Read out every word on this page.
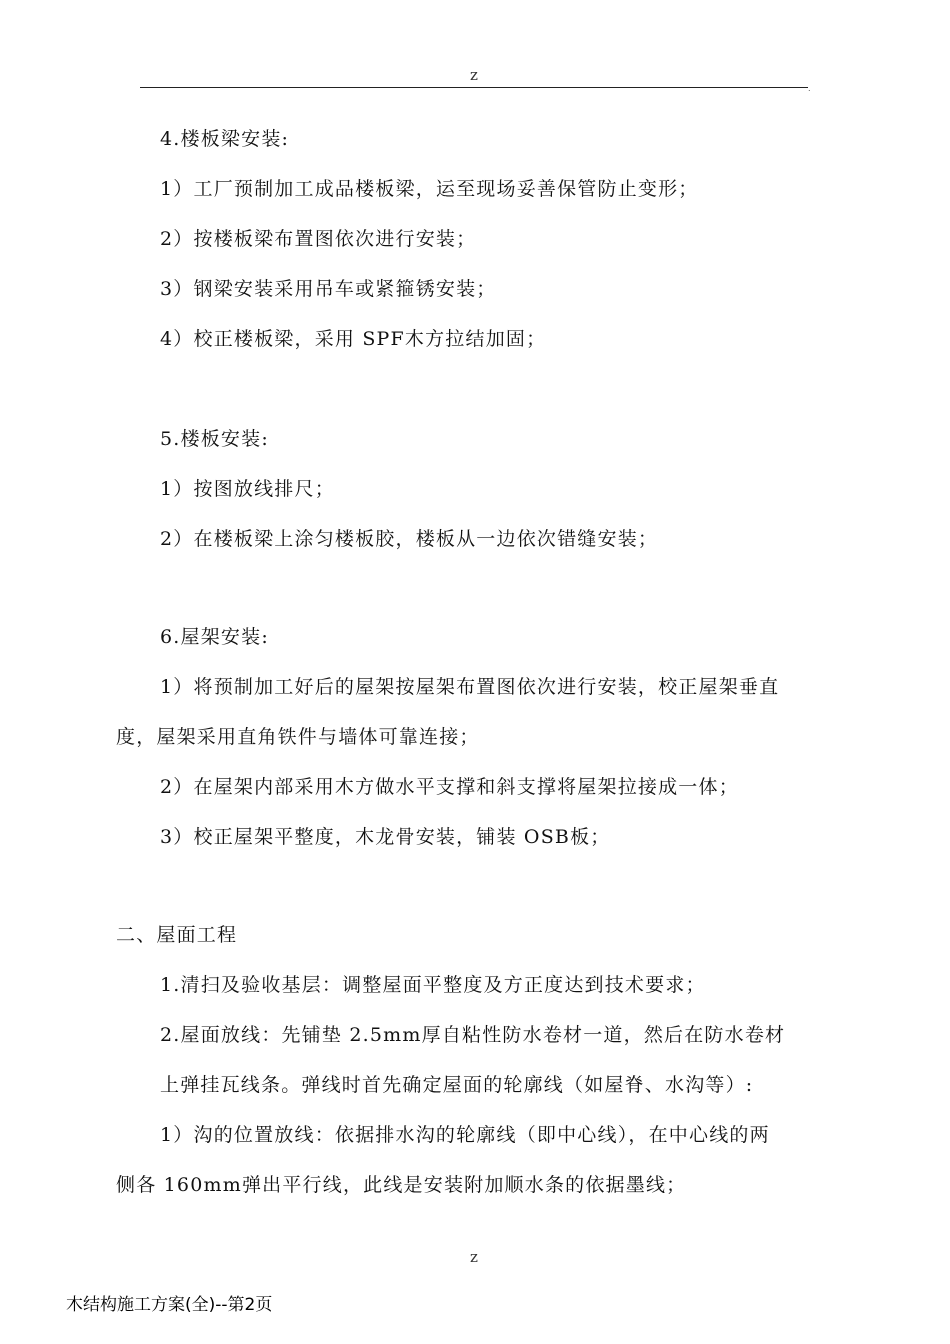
z
.
4.楼板梁安装:
1）工厂预制加工成品楼板梁，运至现场妥善保管防止变形；
2）按楼板梁布置图依次进行安装；
3）钢梁安装采用吊车或紧箍锈安装；
4）校正楼板梁，采用 SPF木方拉结加固；
5.楼板安装:
1）按图放线排尺；
2）在楼板梁上涂匀楼板胶，楼板从一边依次错缝安装；
6.屋架安装:
1）将预制加工好后的屋架按屋架布置图依次进行安装，校正屋架垂直
度，屋架采用直角铁件与墙体可靠连接；
2）在屋架内部采用木方做水平支撑和斜支撑将屋架拉接成一体；
3）校正屋架平整度，木龙骨安装，铺装 OSB板；
二、屋面工程
1.清扫及验收基层：调整屋面平整度及方正度达到技术要求；
2.屋面放线：先铺垫 2.5mm厚自粘性防水卷材一道，然后在防水卷材
上弹挂瓦线条。弹线时首先确定屋面的轮廓线（如屋脊、水沟等）:
1）沟的位置放线：依据排水沟的轮廓线（即中心线），在中心线的两
侧各 160mm弹出平行线，此线是安装附加顺水条的依据墨线；
z
木结构施工方案(全)--第2页
